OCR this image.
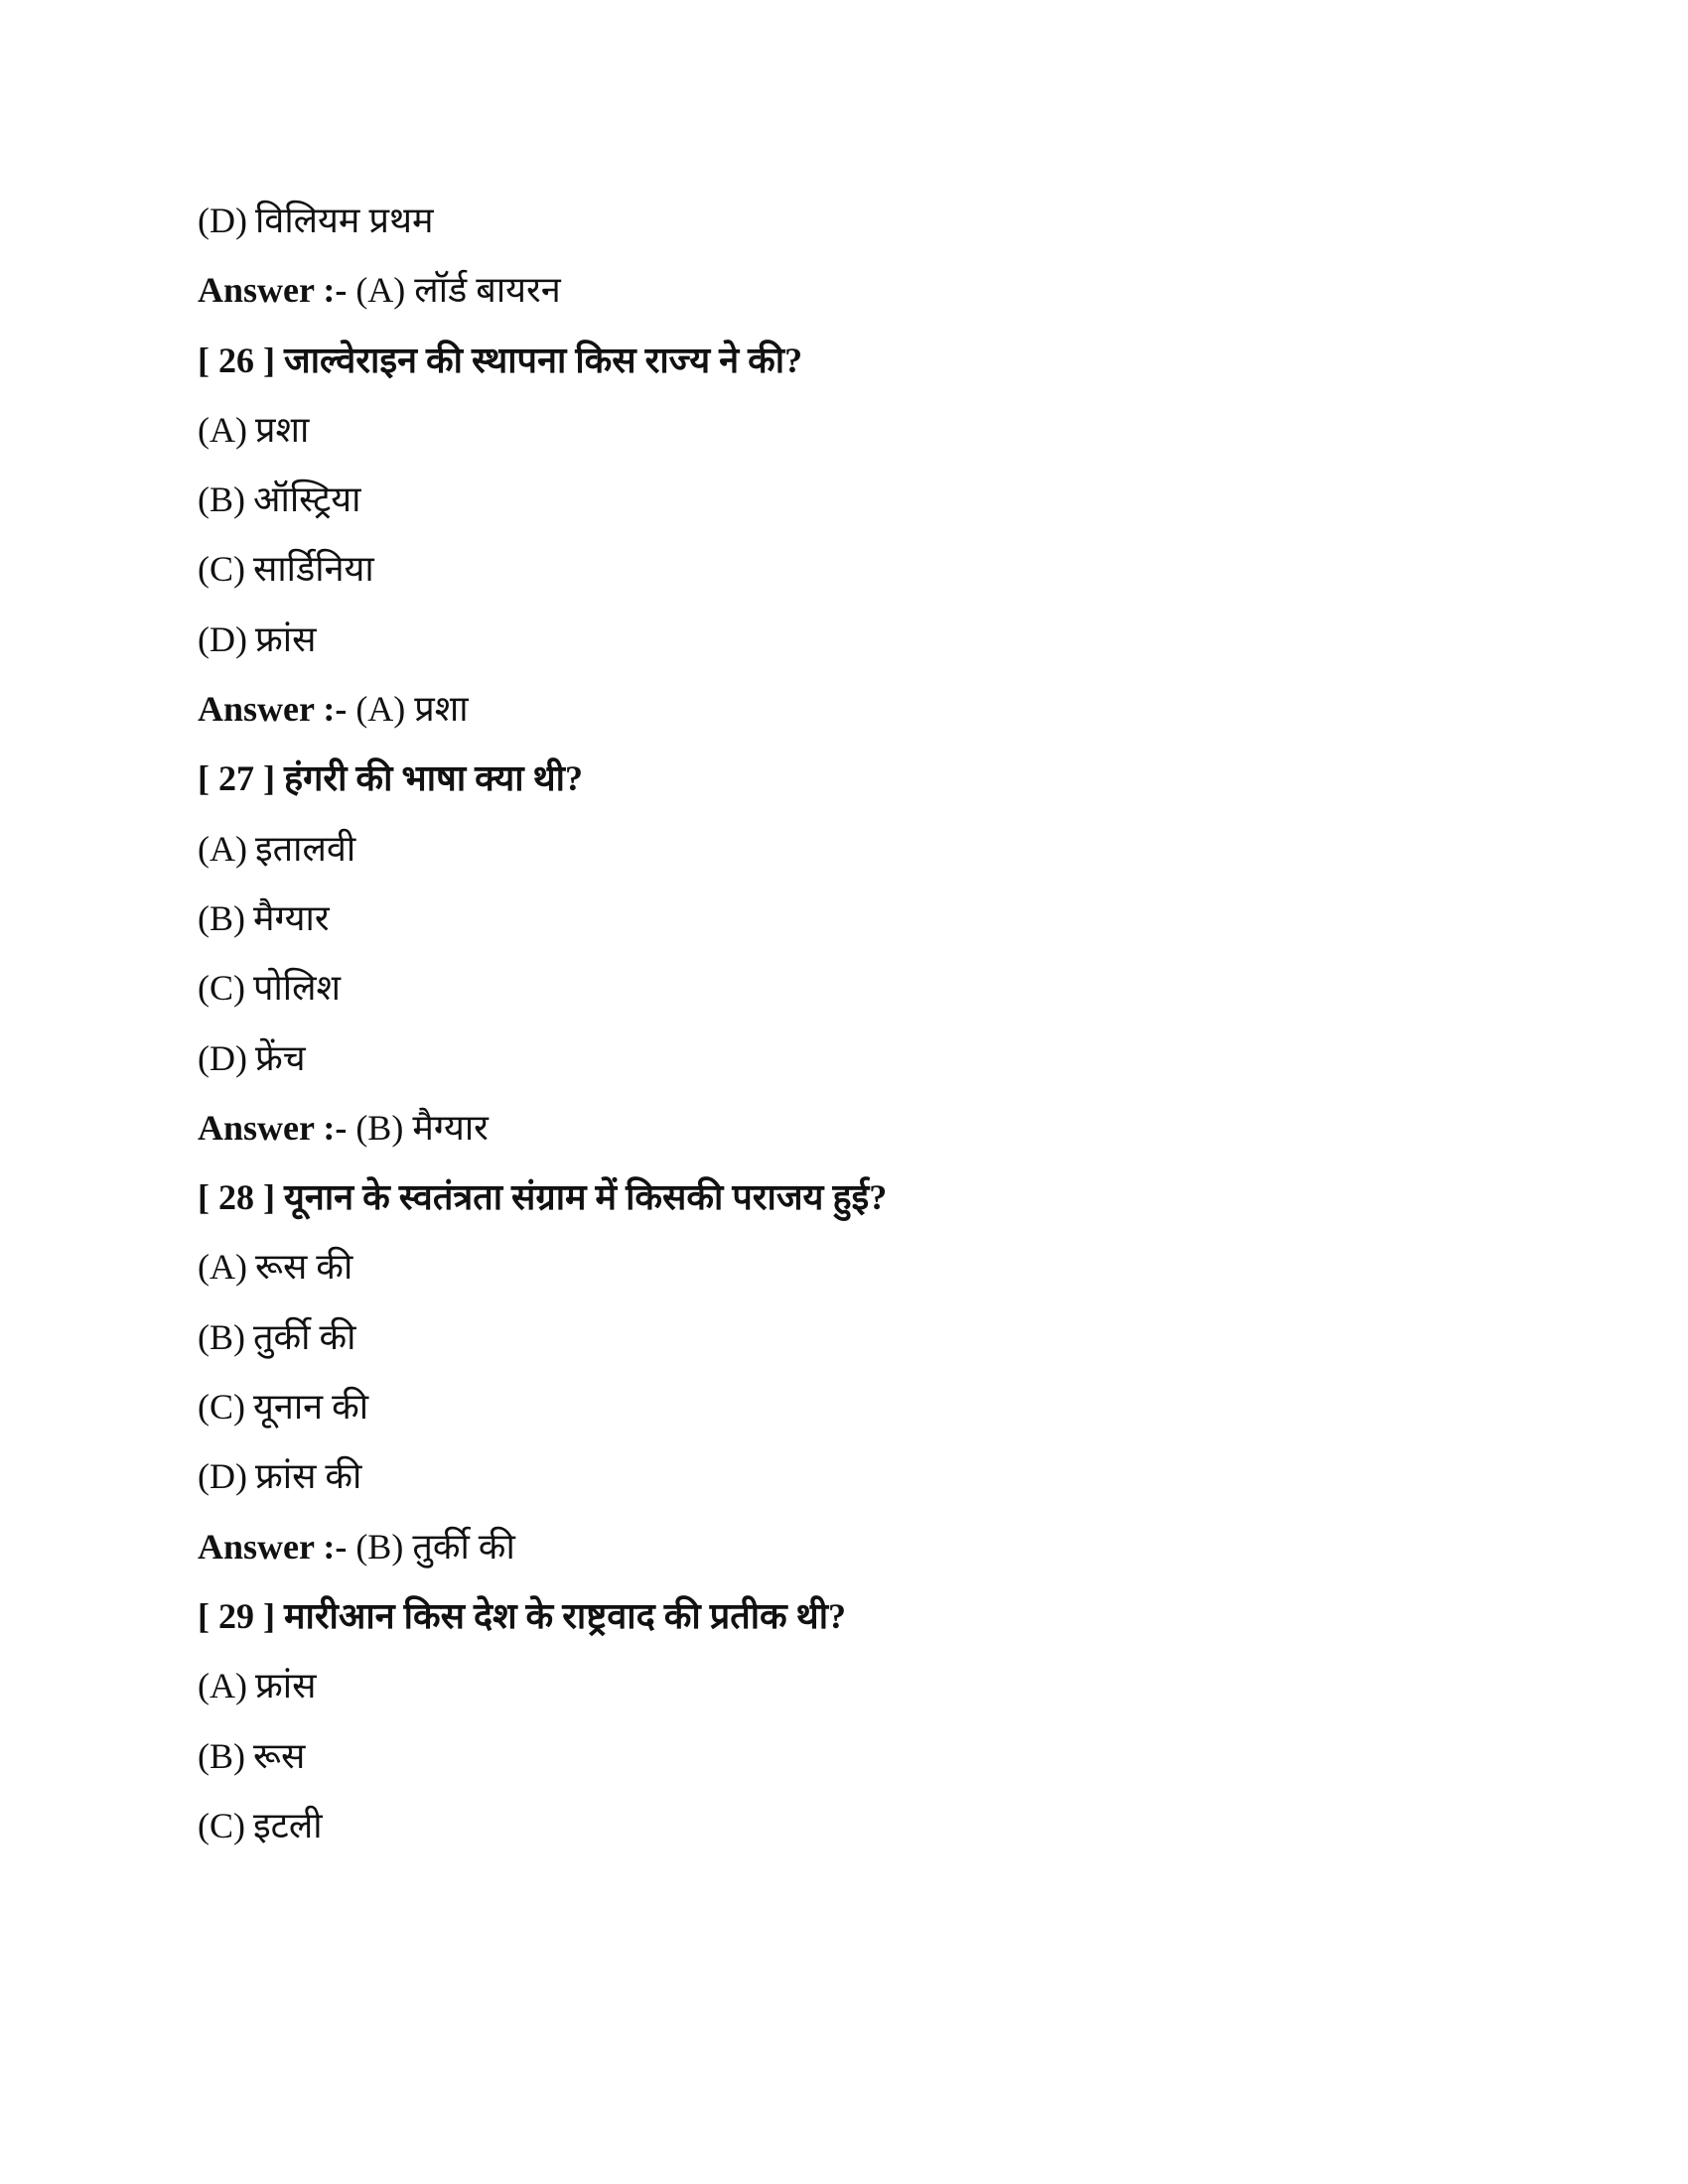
(D) विलियम प्रथम
Answer :- (A) लॉर्ड बायरन
[ 26 ] जाल्वेराइन की स्थापना किस राज्य ने की?
(A) प्रशा
(B) ऑस्ट्रिया
(C) सार्डिनिया
(D) फ्रांस
Answer :- (A) प्रशा
[ 27 ] हंगरी की भाषा क्या थी?
(A) इतालवी
(B) मैग्यार
(C) पोलिश
(D) फ्रेंच
Answer :- (B) मैग्यार
[ 28 ] यूनान के स्वतंत्रता संग्राम में किसकी पराजय हुई?
(A) रूस की
(B) तुर्की की
(C) यूनान की
(D) फ्रांस की
Answer :- (B) तुर्की की
[ 29 ] मारीआन किस देश के राष्ट्रवाद की प्रतीक थी?
(A) फ्रांस
(B) रूस
(C) इटली
